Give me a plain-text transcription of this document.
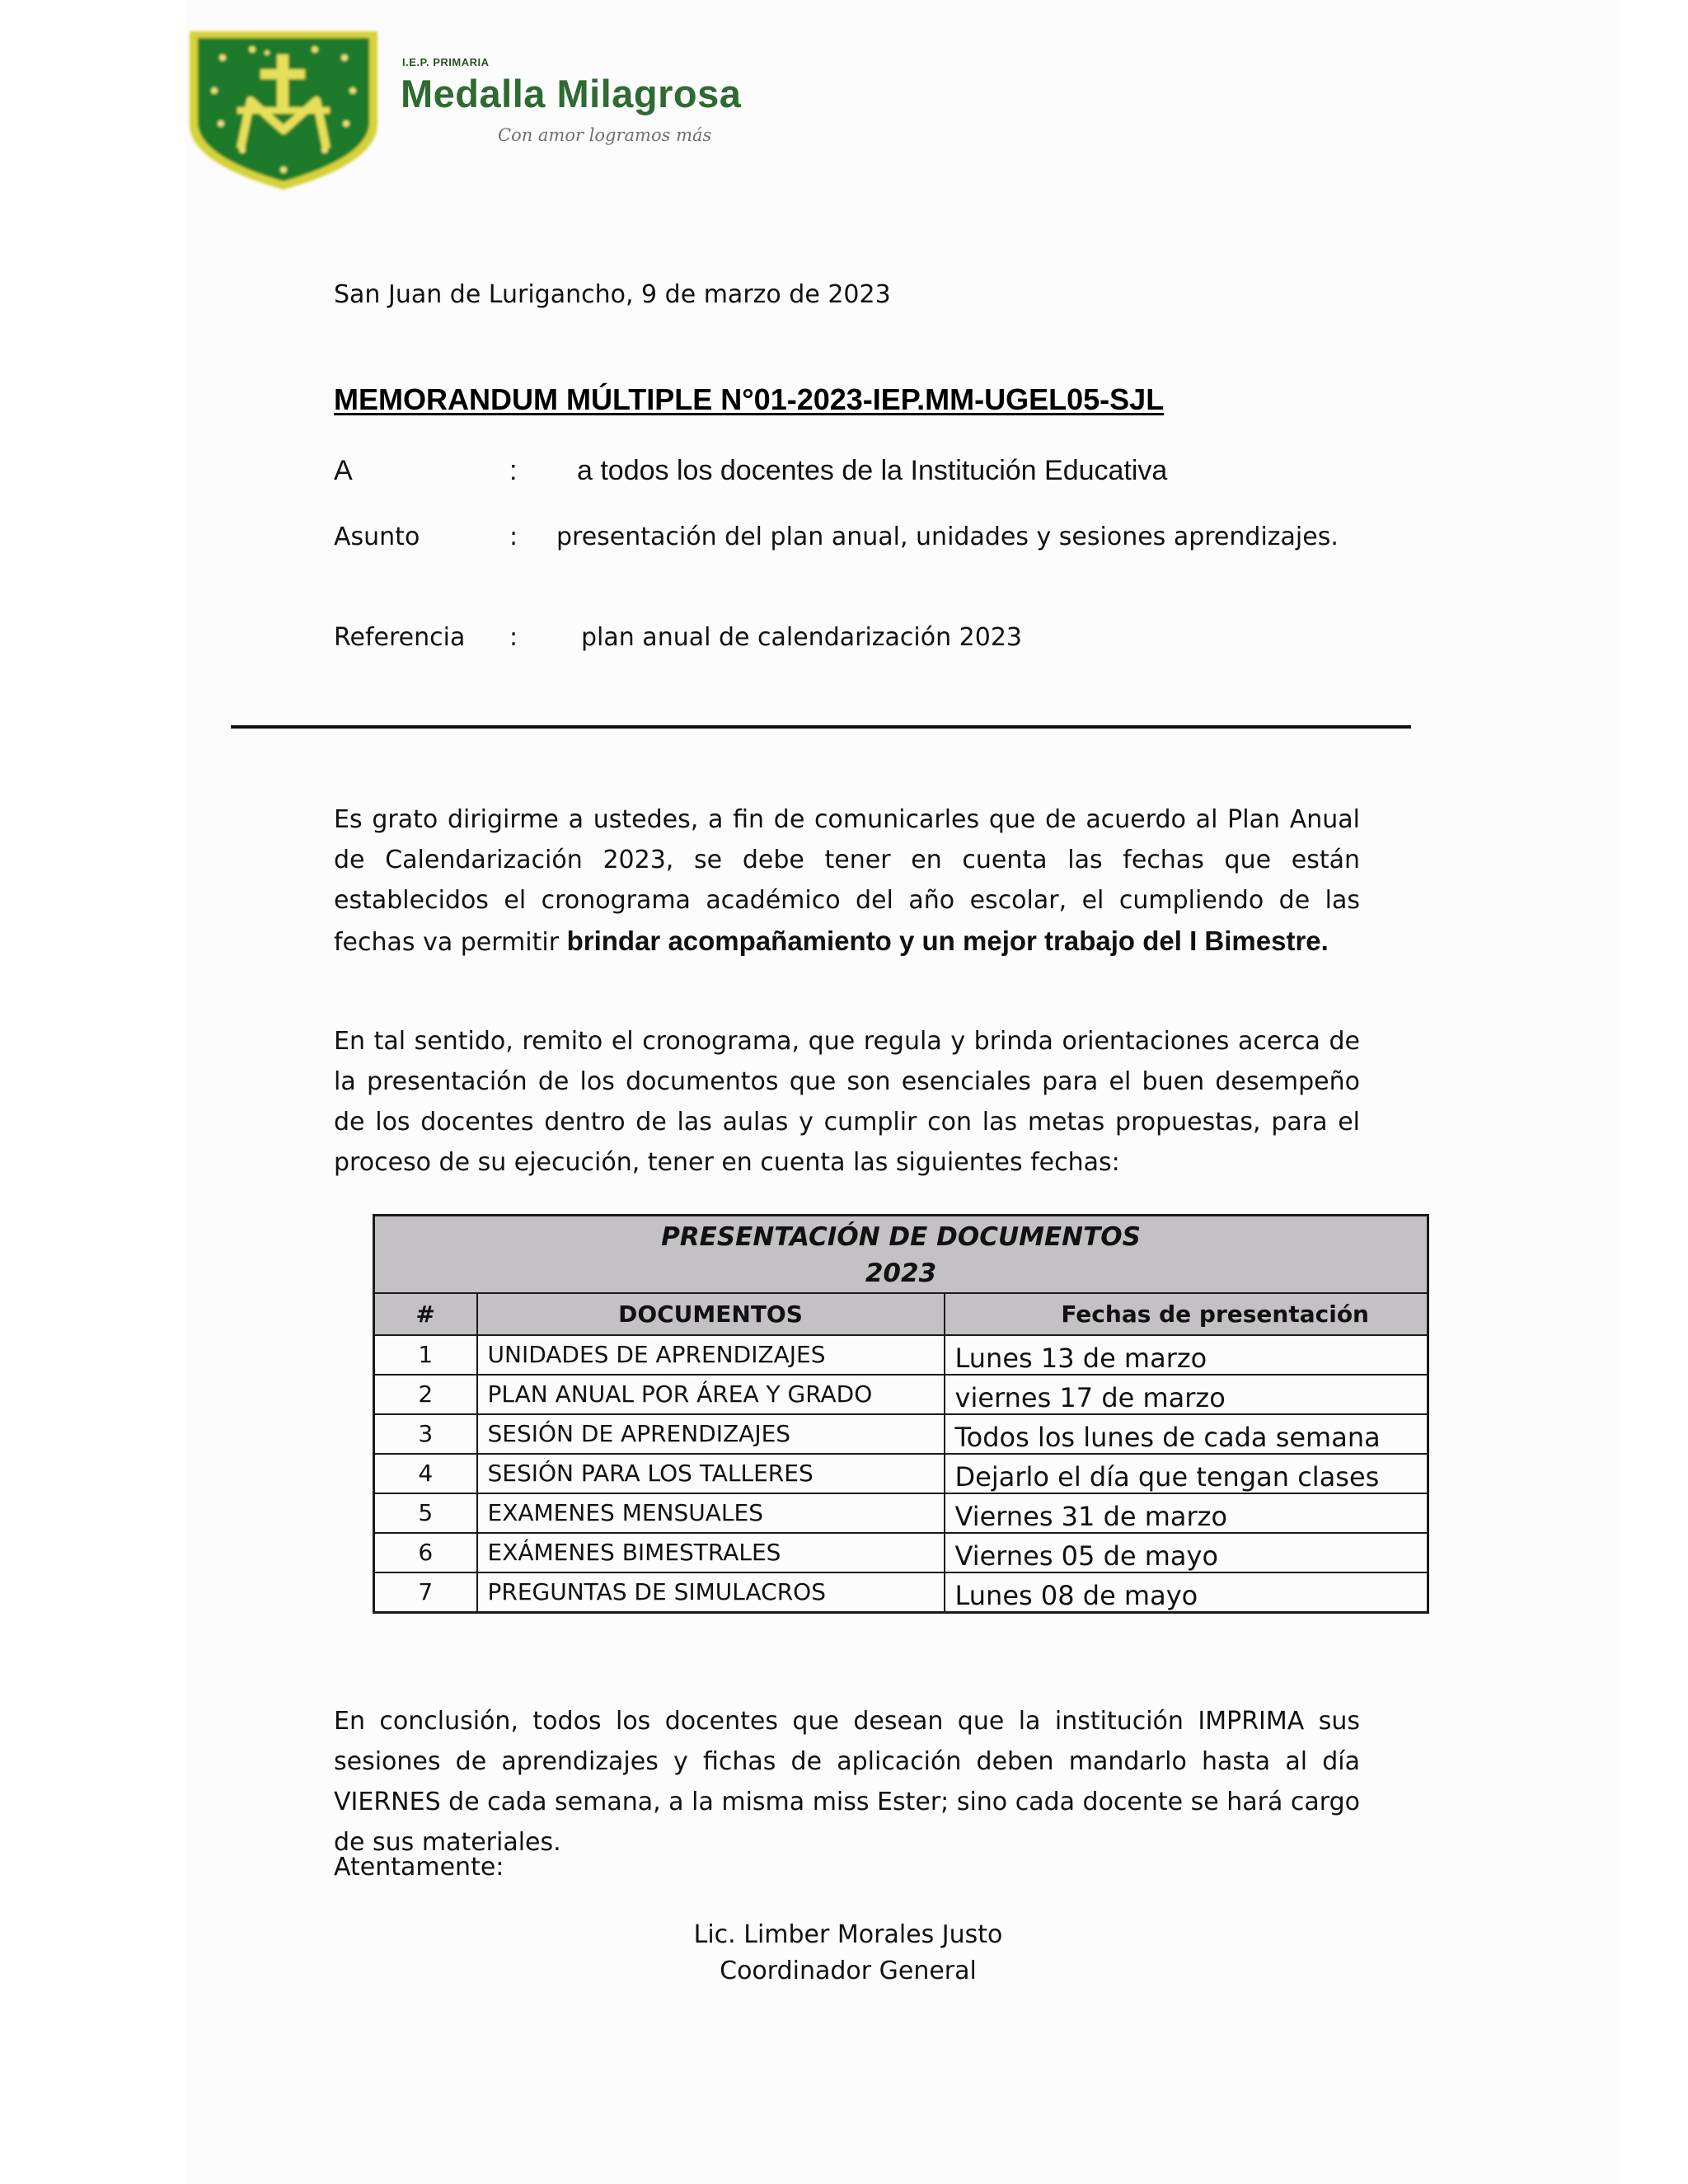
I.E.P. PRIMARIA
Medalla Milagrosa
Con amor logramos más
San Juan de Lurigancho, 9 de marzo de 2023
MEMORANDUM MÚLTIPLE N°01-2023-IEP.MM-UGEL05-SJL
A	: a todos los docentes de la Institución Educativa
Asunto	: presentación del plan anual, unidades y sesiones aprendizajes.
Referencia :	plan anual de calendarización 2023

Es grato dirigirme a ustedes, a fin de comunicarles que de acuerdo al Plan Anual de Calendarización 2023, se debe tener en cuenta las fechas que están establecidos el cronograma académico del año escolar, el cumpliendo de las fechas va permitir brindar acompañamiento y un mejor trabajo del I Bimestre.

En tal sentido, remito el cronograma, que regula y brinda orientaciones acerca de la presentación de los documentos que son esenciales para el buen desempeño de los docentes dentro de las aulas y cumplir con las metas propuestas, para el proceso de su ejecución, tener en cuenta las siguientes fechas:

PRESENTACIÓN DE DOCUMENTOS
2023		

#	DOCUMENTOS	Fechas de presentación
1	UNIDADES DE APRENDIZAJES	Lunes 13 de marzo
2	PLAN ANUAL POR ÁREA Y GRADO	viernes 17 de marzo
3	SESIÓN DE APRENDIZAJES	Todos los lunes de cada semana
4	SESIÓN PARA LOS TALLERES	Dejarlo el día que tengan clases
5	EXAMENES MENSUALES	Viernes 31 de marzo
6	EXÁMENES BIMESTRALES	Viernes 05 de mayo
7	PREGUNTAS DE SIMULACROS	Lunes 08 de mayo

En conclusión, todos los docentes que desean que la institución IMPRIMA sus sesiones de aprendizajes y fichas de aplicación deben mandarlo hasta al día VIERNES de cada semana, a la misma miss Ester; sino cada docente se hará cargo de sus materiales.

Atentamente:
Lic. Limber Morales Justo
Coordinador General
